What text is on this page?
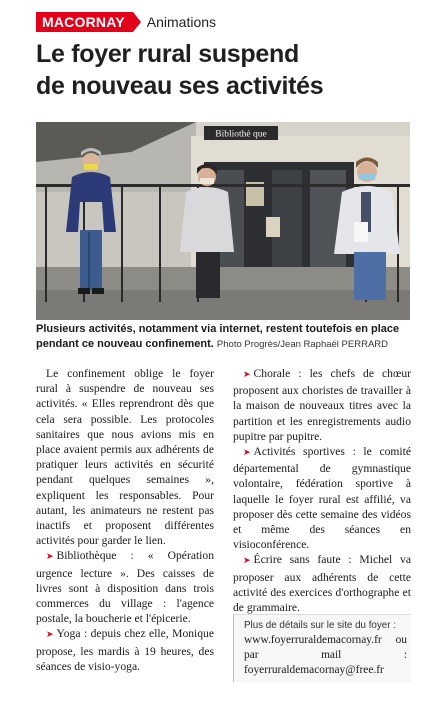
MACORNAY	Animations
Le foyer rural suspend
de nouveau ses activités
Bibliothè que

Plusieurs activités, notamment via internet, restent toutefois en place pendant ce nouveau confinement. Photo Progrès/Jean Raphaël PERRARD

Le confinement oblige le foyer rural à suspendre de nouveau ses activités. « Elles reprendront dès que cela sera possible. Les protocoles sanitaires que nous avions mis en place avaient permis aux adhérents de pratiquer leurs activités en sécurité pendant quelques semaines », expliquent les responsables. Pour autant, les animateurs ne restent pas inactifs et proposent différentes activités pour garder le lien.

➤ Bibliothèque : « Opération urgence lecture ». Des caisses de livres sont à disposition dans trois commerces du village : l'agence postale, la boucherie et l'épicerie.

➤ Yoga : depuis chez elle, Monique propose, les mardis à 19 heures, des séances de visio-yoga.

➤ Chorale : les chefs de chœur proposent aux choristes de travailler à la maison de nouveaux titres avec la partition et les enregistrements audio pupitre par pupitre.

➤ Activités sportives : le comité départemental de gymnastique volontaire, fédération sportive à laquelle le foyer rural est affilié, va proposer dès cette semaine des vidéos et même des séances en visioconférence.

➤ Écrire sans faute : Michel va proposer aux adhérents de cette activité des exercices d'orthographe et de grammaire.

Plus de détails sur le site du foyer :
www.foyerruraldemacornay.fr ou par mail : foyerruraldemacornay@free.fr
